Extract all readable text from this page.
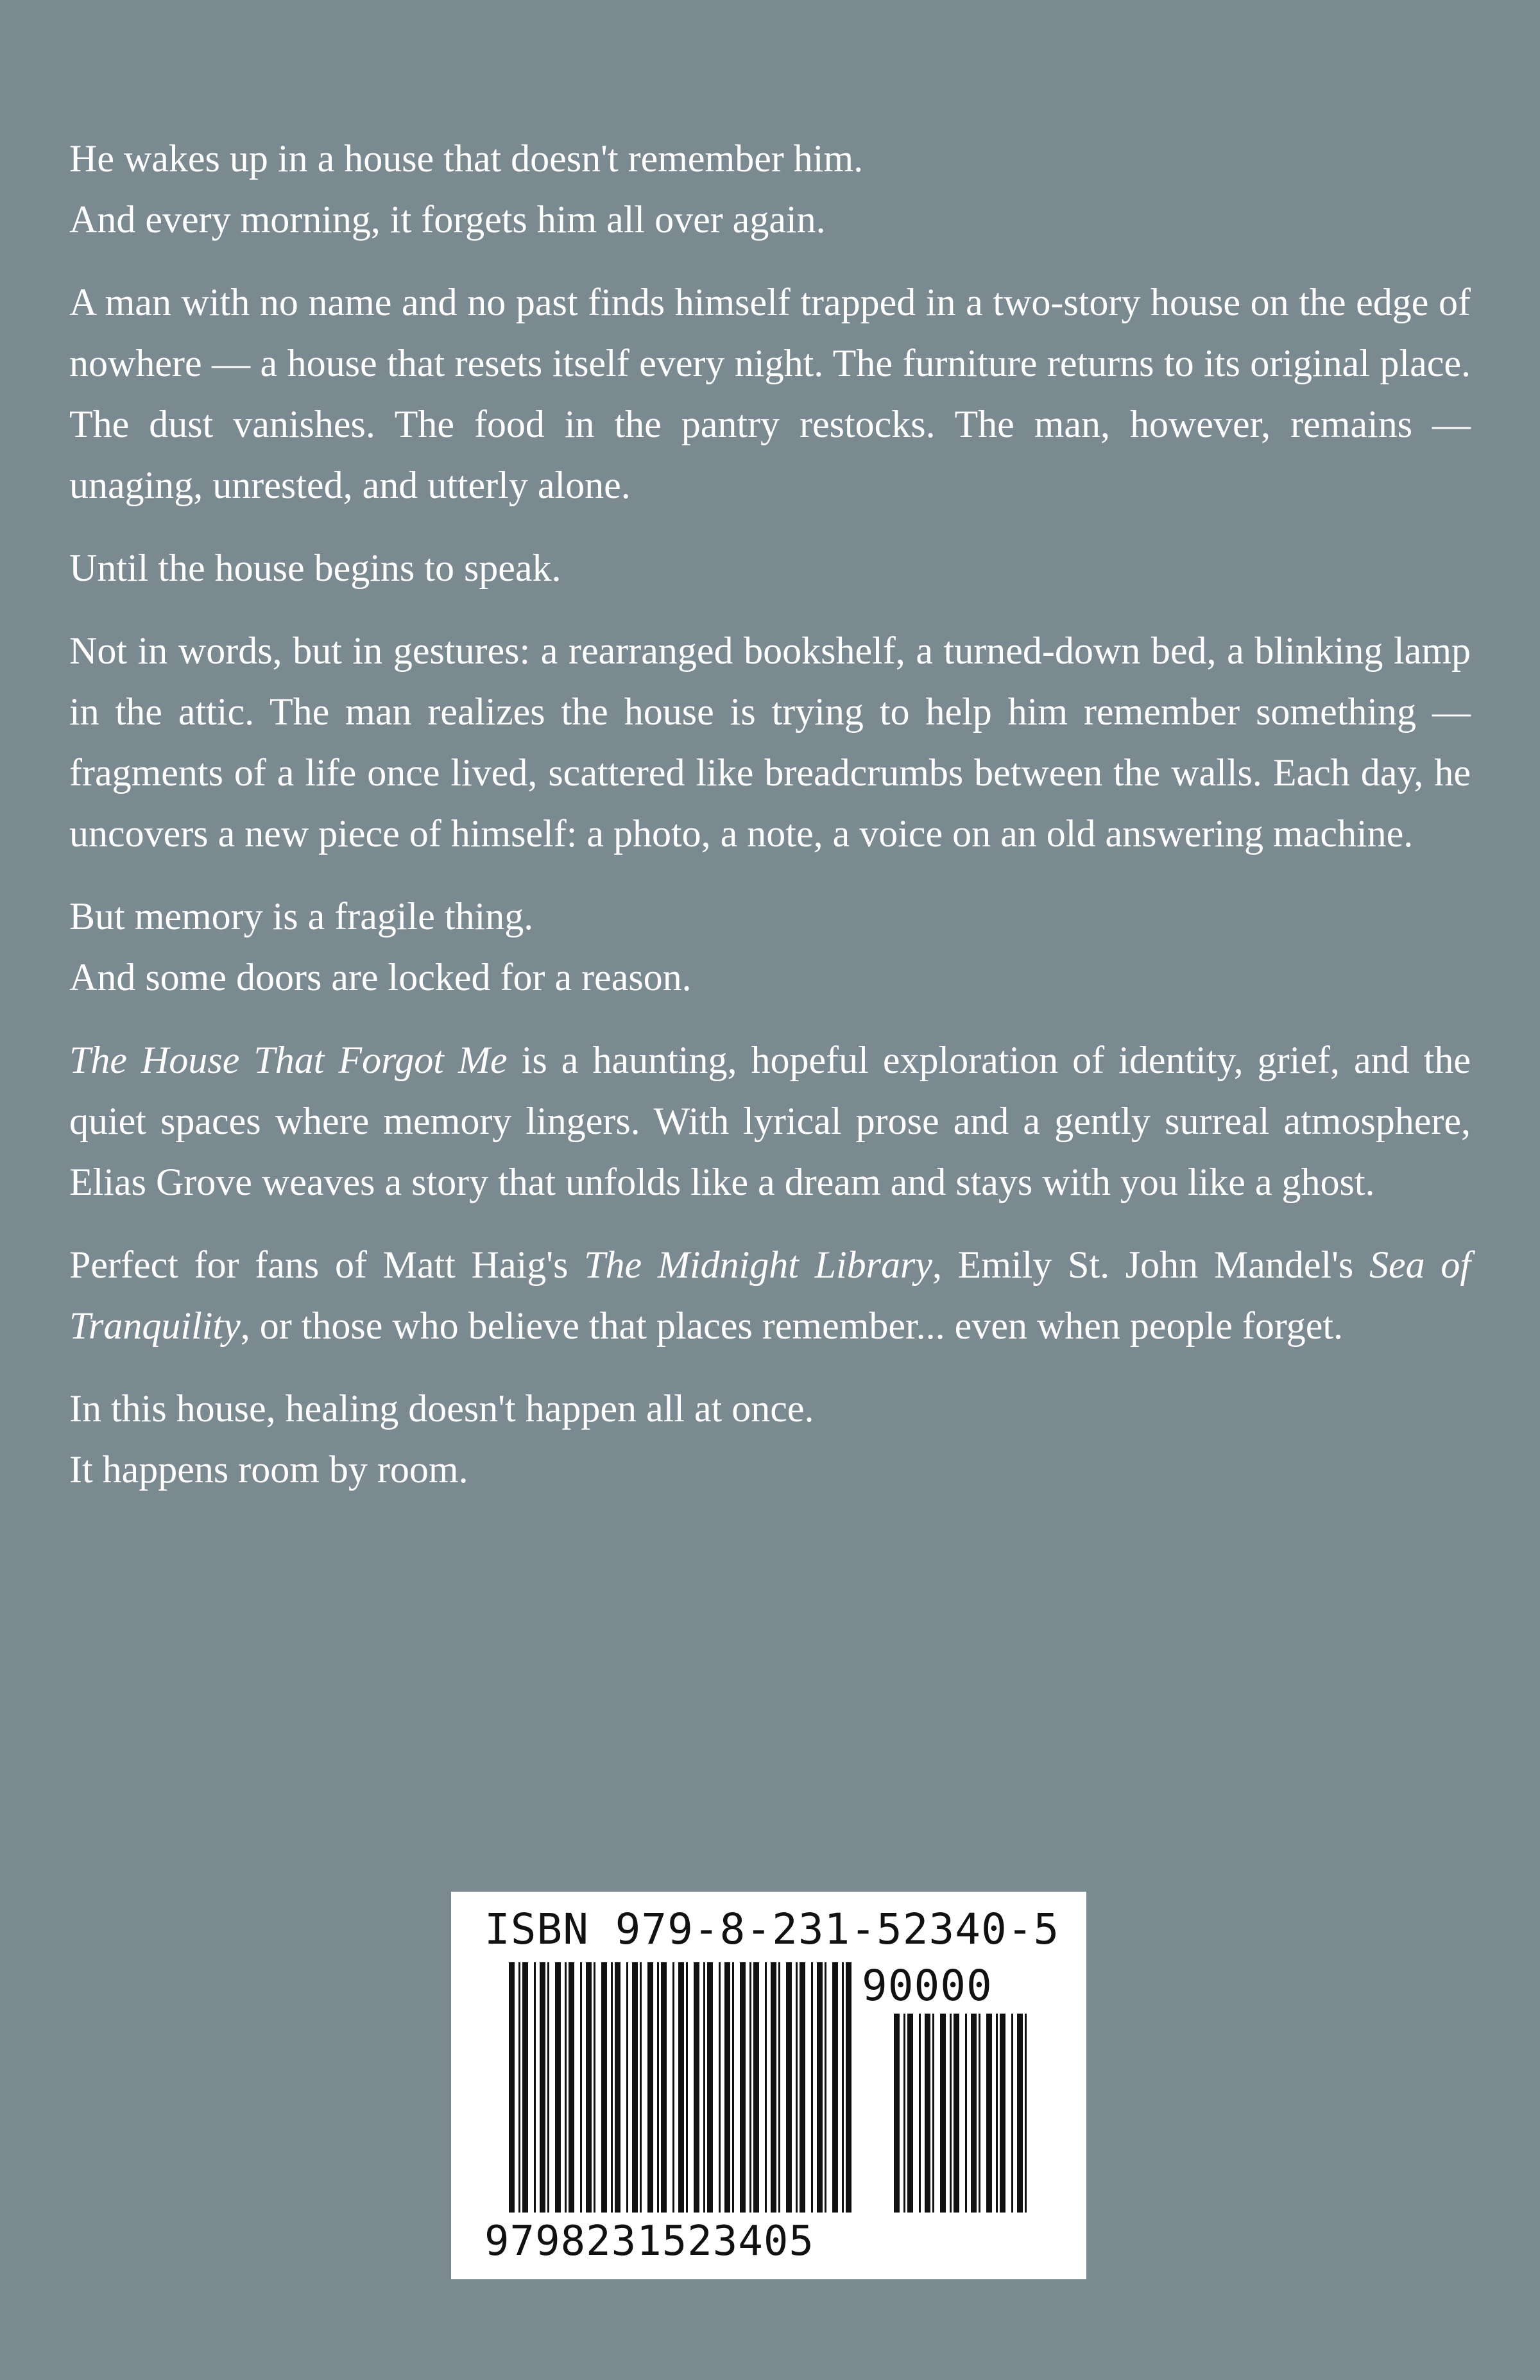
He wakes up in a house that doesn't remember him.
And every morning, it forgets him all over again.

A man with no name and no past finds himself trapped in a two-story house on the edge of nowhere — a house that resets itself every night. The furniture returns to its original place. The dust vanishes. The food in the pantry restocks. The man, however, remains — unaging, unrested, and utterly alone.

Until the house begins to speak.

Not in words, but in gestures: a rearranged bookshelf, a turned-down bed, a blinking lamp in the attic. The man realizes the house is trying to help him remember something — fragments of a life once lived, scattered like breadcrumbs between the walls. Each day, he uncovers a new piece of himself: a photo, a note, a voice on an old answering machine.

But memory is a fragile thing.
And some doors are locked for a reason.

The House That Forgot Me is a haunting, hopeful exploration of identity, grief, and the quiet spaces where memory lingers. With lyrical prose and a gently surreal atmosphere, Elias Grove weaves a story that unfolds like a dream and stays with you like a ghost.

Perfect for fans of Matt Haig's The Midnight Library, Emily St. John Mandel's Sea of Tranquility, or those who believe that places remember... even when people forget.

In this house, healing doesn't happen all at once.
It happens room by room.

ISBN 979-8-231-52340-5
90000
9798231523405
